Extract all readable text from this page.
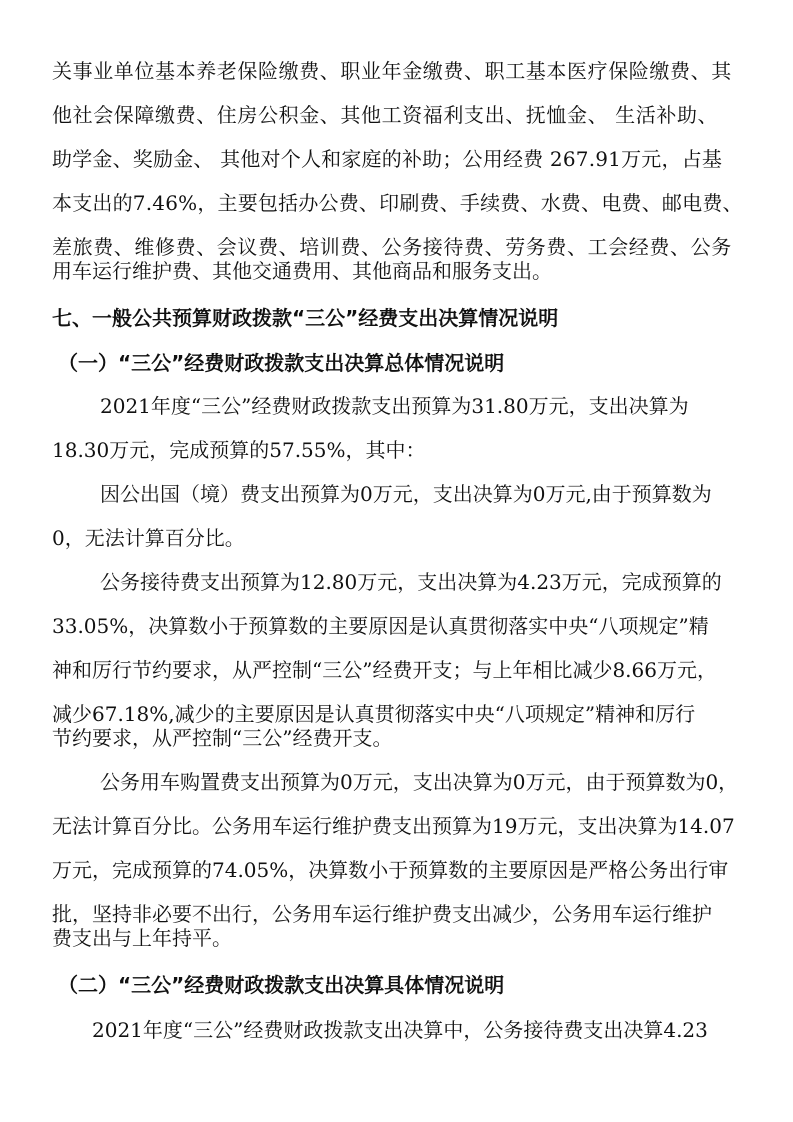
关事业单位基本养老保险缴费、职业年金缴费、职工基本医疗保险缴费、其
他社会保障缴费、住房公积金、其他工资福利支出、抚恤金、 生活补助、
助学金、奖励金、 其他对个人和家庭的补助；公用经费 267.91万元，占基
本支出的7.46%，主要包括办公费、印刷费、手续费、水费、电费、邮电费、
差旅费、维修费、会议费、培训费、公务接待费、劳务费、工会经费、公务
用车运行维护费、其他交通费用、其他商品和服务支出。
七、一般公共预算财政拨款“三公”经费支出决算情况说明
（一）“三公”经费财政拨款支出决算总体情况说明
2021年度“三公”经费财政拨款支出预算为31.80万元，支出决算为
18.30万元，完成预算的57.55%，其中：
因公出国（境）费支出预算为0万元，支出决算为0万元,由于预算数为
0，无法计算百分比。
公务接待费支出预算为12.80万元，支出决算为4.23万元，完成预算的
33.05%，决算数小于预算数的主要原因是认真贯彻落实中央“八项规定”精
神和厉行节约要求，从严控制“三公”经费开支；与上年相比减少8.66万元，
减少67.18%,减少的主要原因是认真贯彻落实中央“八项规定”精神和厉行
节约要求，从严控制“三公”经费开支。
公务用车购置费支出预算为0万元，支出决算为0万元，由于预算数为0，
无法计算百分比。公务用车运行维护费支出预算为19万元，支出决算为14.07
万元，完成预算的74.05%，决算数小于预算数的主要原因是严格公务出行审
批，坚持非必要不出行，公务用车运行维护费支出减少，公务用车运行维护
费支出与上年持平。
（二）“三公”经费财政拨款支出决算具体情况说明
2021年度“三公”经费财政拨款支出决算中，公务接待费支出决算4.23
